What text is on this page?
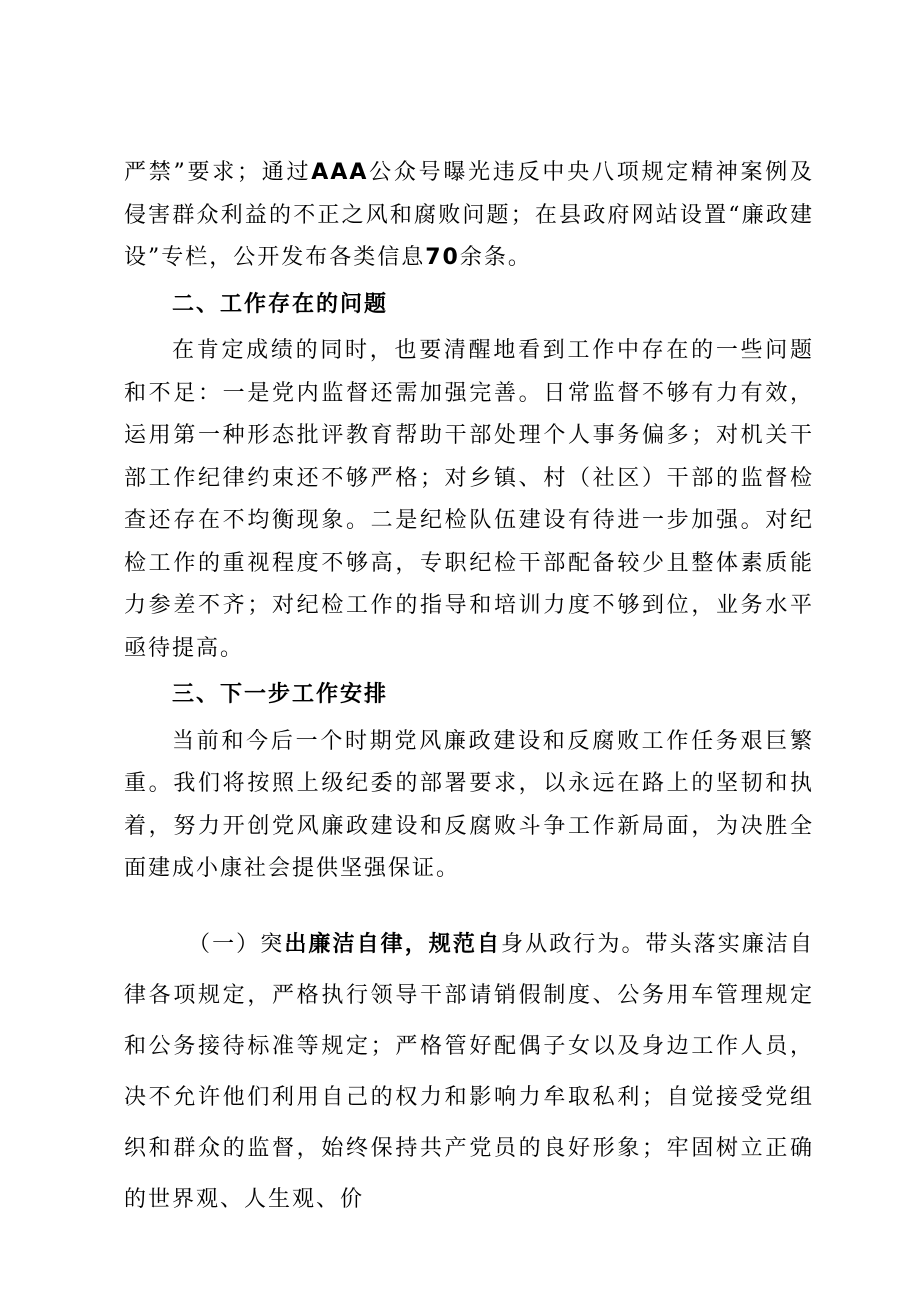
严禁”要求；通过AAA公众号曝光违反中央八项规定精神案例及侵害群众利益的不正之风和腐败问题；在县政府网站设置“廉政建设”专栏，公开发布各类信息70余条。

二、工作存在的问题

在肯定成绩的同时，也要清醒地看到工作中存在的一些问题和不足：一是党内监督还需加强完善。日常监督不够有力有效，运用第一种形态批评教育帮助干部处理个人事务偏多；对机关干部工作纪律约束还不够严格；对乡镇、村（社区）干部的监督检查还存在不均衡现象。二是纪检队伍建设有待进一步加强。对纪检工作的重视程度不够高，专职纪检干部配备较少且整体素质能力参差不齐；对纪检工作的指导和培训力度不够到位，业务水平亟待提高。

三、下一步工作安排

当前和今后一个时期党风廉政建设和反腐败工作任务艰巨繁重。我们将按照上级纪委的部署要求，以永远在路上的坚韧和执着，努力开创党风廉政建设和反腐败斗争工作新局面，为决胜全面建成小康社会提供坚强保证。

（一）突出廉洁自律，规范自身从政行为。带头落实廉洁自律各项规定，严格执行领导干部请销假制度、公务用车管理规定和公务接待标准等规定；严格管好配偶子女以及身边工作人员，决不允许他们利用自己的权力和影响力牟取私利；自觉接受党组织和群众的监督，始终保持共产党员的良好形象；牢固树立正确的世界观、人生观、价
